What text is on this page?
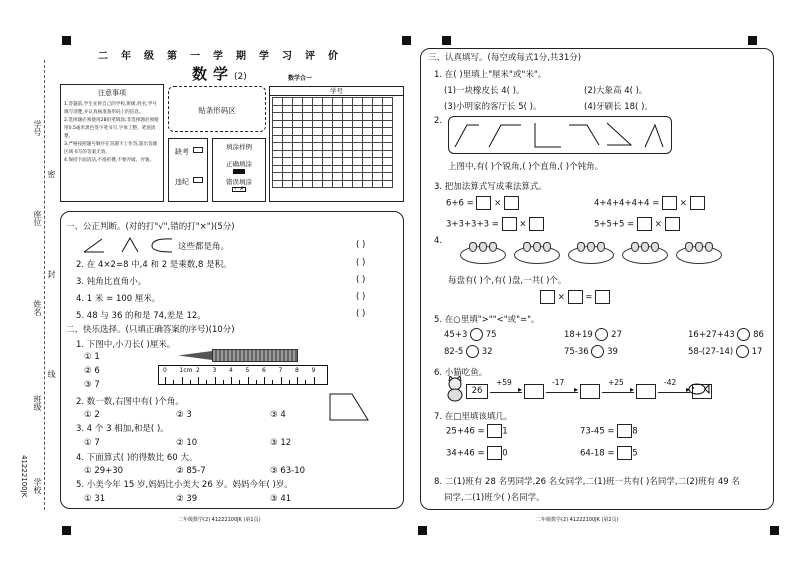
学号
座位
姓名
班级
学校
41222100JK
密
封
线
二年级第一学期学习评价
数学(2)	数学合一
注意事项
1.答题前,学生先将自己的学校,班级,姓名,学号填写清楚,并认真核准条形码上的信息。
2.选择题必须使用2B铅笔填涂;非选择题必须使用0.5毫米黑色签字笔书写,字体工整、笔迹清楚。
3.严格按照题号顺序在答题卡上作答,超出答题区域书写的答案无效。
4.保持卡面清洁,不准折叠,不要弄破、弄皱。
贴条形码区
缺考
违纪
填涂样例
正确填涂
错误填涂
✓ ✗
学号

一、公正判断。(对的打"√",错的打"×")(5分)
这些都是角。	( )
2. 在 4×2=8 中,4 和 2 是乘数,8 是积。	( )
3. 钝角比直角小。	( )
4. 1 米 = 100 厘米。	( )
5. 48 与 36 的和是 74,差是 12。	( )
二、快乐选择。(只填正确答案的序号)(10分)
1. 下图中,小刀长( )厘米。
① 1
② 6
③ 7
0 1cm 2 3 4 5 6 7 8 9
2. 数一数,右图中有( )个角。
① 2	② 3	③ 4
3. 4 个 3 相加,和是( )。
① 7	② 10	③ 12
4. 下面算式( )的得数比 60 大。
① 29+30	② 85-7	③ 63-10
5. 小美今年 15 岁,妈妈比小美大 26 岁。妈妈今年( )岁。
① 31	② 39	③ 41
二年级数学(2) 41222100JK (第1页)
三、认真填写。(每空或每式1分,共31分)
1. 在( )里填上"厘米"或"米"。
(1)一块橡皮长 4( )。	(2)大象高 4( )。
(3)小明家的客厅长 5( )。	(4)牙刷长 18( )。
2.
上图中,有( )个锐角,( )个直角,( )个钝角。
3. 把加法算式写成乘法算式。
6+6 =  ×	4+4+4+4+4 =  ×
3+3+3+3 =  ×	5+5+5 =  ×
4.
每盘有( )个,有( )盘,一共( )个。
×  =
5. 在○里填">""<"或"="。
45+3  75	18+19  27	16+27+43  86
82-5  32	75-36  39	58-(27-14)  17
6. 小猫吃鱼。
26	▸
+59
▸
-17
▸
+25
▸
-42
7. 在□里填该填几。
25+46 = 1	73-45 = 8
34+46 = 0	64-18 = 5
8. 二(1)班有 28 名男同学,26 名女同学,二(1)班一共有( )名同学,二(2)班有 49 名
同学,二(1)班少( )名同学。
二年级数学(2) 41222100JK (第2页)
